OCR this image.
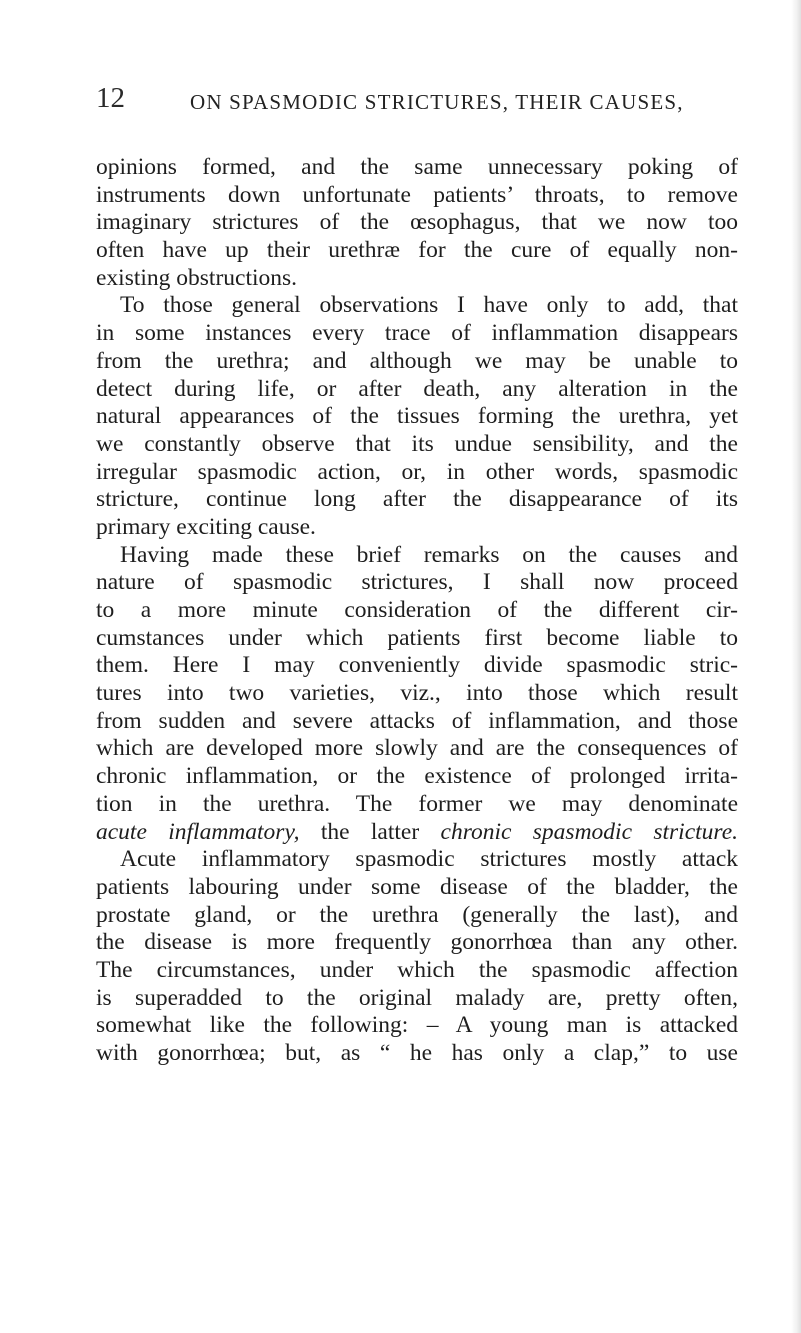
12	ON SPASMODIC STRICTURES, THEIR CAUSES,
opinions formed, and the same unnecessary poking of
instruments down unfortunate patients’ throats, to remove
imaginary strictures of the œsophagus, that we now too
often have up their urethræ for the cure of equally non-
existing obstructions.
To those general observations I have only to add, that
in some instances every trace of inflammation disappears
from the urethra; and although we may be unable to
detect during life, or after death, any alteration in the
natural appearances of the tissues forming the urethra, yet
we constantly observe that its undue sensibility, and the
irregular spasmodic action, or, in other words, spasmodic
stricture, continue long after the disappearance of its
primary exciting cause.
Having made these brief remarks on the causes and
nature of spasmodic strictures, I shall now proceed
to a more minute consideration of the different cir-
cumstances under which patients first become liable to
them. Here I may conveniently divide spasmodic stric-
tures into two varieties, viz., into those which result
from sudden and severe attacks of inflammation, and those
which are developed more slowly and are the consequences of
chronic inflammation, or the existence of prolonged irrita-
tion in the urethra. The former we may denominate
acute inflammatory, the latter chronic spasmodic stricture.
Acute inflammatory spasmodic strictures mostly attack
patients labouring under some disease of the bladder, the
prostate gland, or the urethra (generally the last), and
the disease is more frequently gonorrhœa than any other.
The circumstances, under which the spasmodic affection
is superadded to the original malady are, pretty often,
somewhat like the following: – A young man is attacked
with gonorrhœa; but, as “ he has only a clap,” to use
